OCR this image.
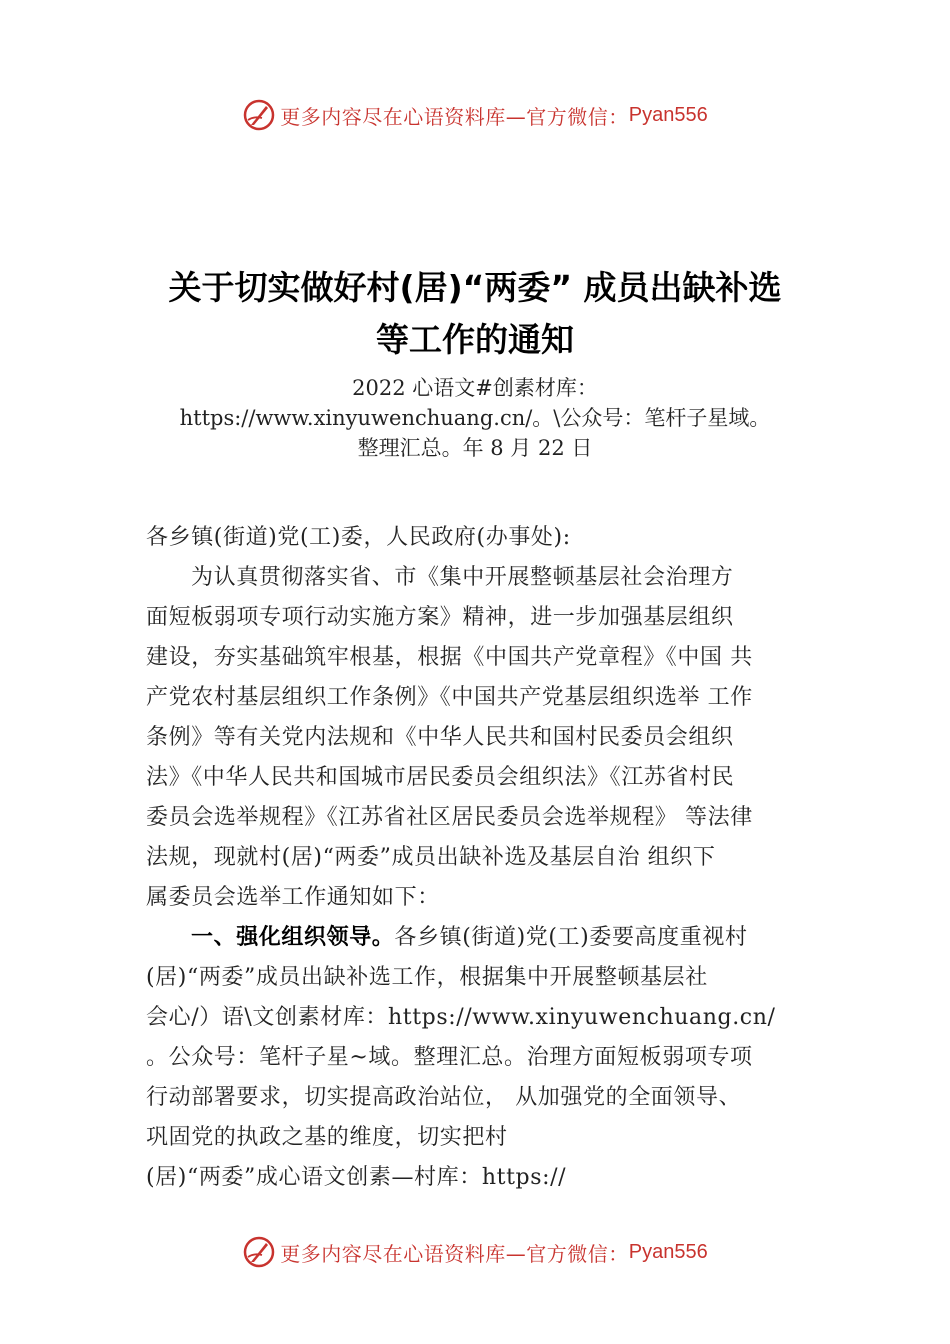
更多内容尽在心语资料库—官方微信： Pyan556
关于切实做好村(居)“两委” 成员出缺补选
等工作的通知
2022 心语文#创素材库：
https://www.xinyuwenchuang.cn/。\公众号：笔杆子星域。
整理汇总。年 8 月 22 日
各乡镇(街道)党(工)委，人民政府(办事处):
为认真贯彻落实省、市《集中开展整顿基层社会治理方
面短板弱项专项行动实施方案》精神，进一步加强基层组织
建设，夯实基础筑牢根基，根据《中国共产党章程》《中国 共
产党农村基层组织工作条例》《中国共产党基层组织选举 工作
条例》等有关党内法规和《中华人民共和国村民委员会组织
法》《中华人民共和国城市居民委员会组织法》《江苏省村民
委员会选举规程》《江苏省社区居民委员会选举规程》 等法律
法规，现就村(居)“两委”成员出缺补选及基层自治 组织下
属委员会选举工作通知如下：
一、强化组织领导。各乡镇(街道)党(工)委要高度重视村
(居)“两委”成员出缺补选工作，根据集中开展整顿基层社
会心/）语\文创素材库：https://www.xinyuwenchuang.cn/
。公众号：笔杆子星~域。整理汇总。治理方面短板弱项专项
行动部署要求，切实提高政治站位， 从加强党的全面领导、
巩固党的执政之基的维度，切实把村
(居)“两委”成心语文创素—村库：https://
更多内容尽在心语资料库—官方微信： Pyan556
